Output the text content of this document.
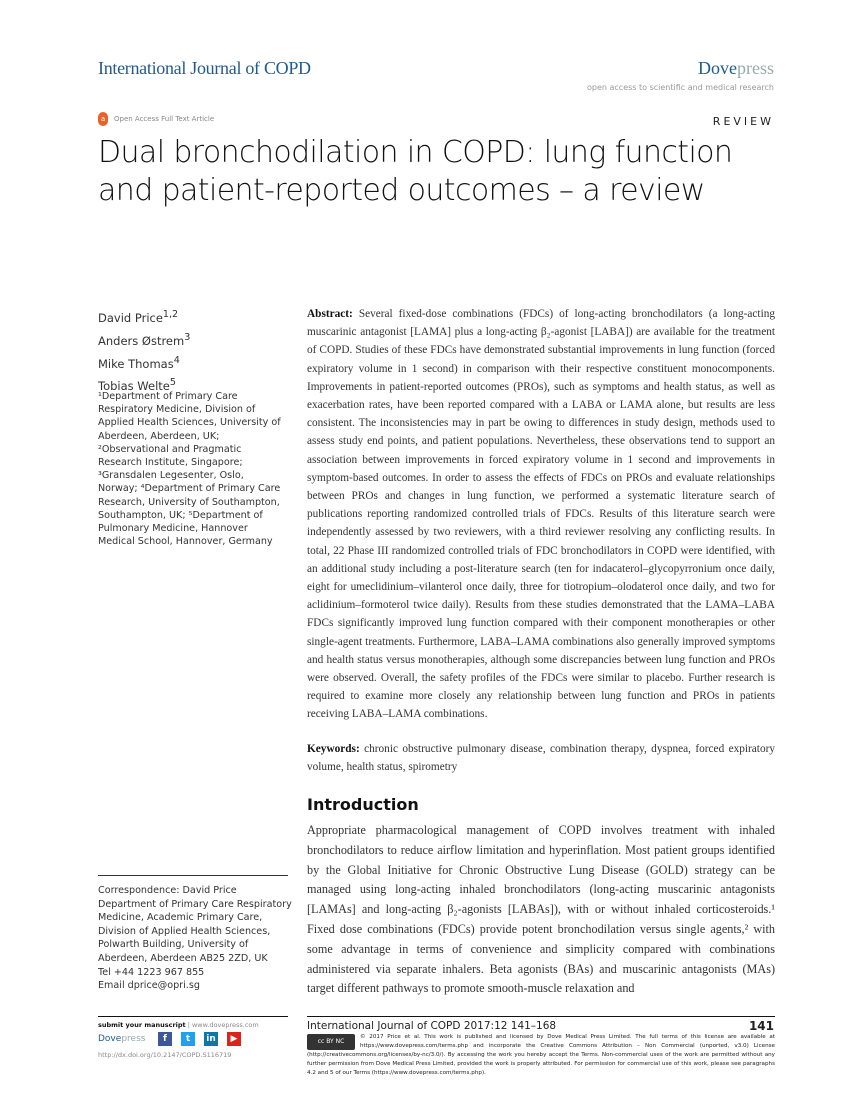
International Journal of COPD	Dovepress
open access to scientific and medical research
a	Open Access Full Text Article	REVIEW
Dual bronchodilation in COPD: lung function and patient-reported outcomes – a review
David Price$^{1,2}$
Anders Østrem$^3$
Mike Thomas$^4$
Tobias Welte$^5$
¹Department of Primary Care Respiratory Medicine, Division of Applied Health Sciences, University of Aberdeen, Aberdeen, UK; ²Observational and Pragmatic Research Institute, Singapore; ³Gransdalen Legesenter, Oslo, Norway; ⁴Department of Primary Care Research, University of Southampton, Southampton, UK; ⁵Department of Pulmonary Medicine, Hannover Medical School, Hannover, Germany
Abstract: Several fixed-dose combinations (FDCs) of long-acting bronchodilators (a long-acting muscarinic antagonist [LAMA] plus a long-acting β₂-agonist [LABA]) are available for the treatment of COPD. Studies of these FDCs have demonstrated substantial improvements in lung function (forced expiratory volume in 1 second) in comparison with their respective constituent monocomponents. Improvements in patient-reported outcomes (PROs), such as symptoms and health status, as well as exacerbation rates, have been reported compared with a LABA or LAMA alone, but results are less consistent. The inconsistencies may in part be owing to differences in study design, methods used to assess study end points, and patient populations. Nevertheless, these observations tend to support an association between improvements in forced expiratory volume in 1 second and improvements in symptom-based outcomes. In order to assess the effects of FDCs on PROs and evaluate relationships between PROs and changes in lung function, we performed a systematic literature search of publications reporting randomized controlled trials of FDCs. Results of this literature search were independently assessed by two reviewers, with a third reviewer resolving any conflicting results. In total, 22 Phase III randomized controlled trials of FDC bronchodilators in COPD were identified, with an additional study including a post-literature search (ten for indacaterol–glycopyrronium once daily, eight for umeclidinium–vilanterol once daily, three for tiotropium–olodaterol once daily, and two for aclidinium–formoterol twice daily). Results from these studies demonstrated that the LAMA–LABA FDCs significantly improved lung function compared with their component monotherapies or other single-agent treatments. Furthermore, LABA–LAMA combinations also generally improved symptoms and health status versus monotherapies, although some discrepancies between lung function and PROs were observed. Overall, the safety profiles of the FDCs were similar to placebo. Further research is required to examine more closely any relationship between lung function and PROs in patients receiving LABA–LAMA combinations.
Keywords: chronic obstructive pulmonary disease, combination therapy, dyspnea, forced expiratory volume, health status, spirometry
Introduction
Appropriate pharmacological management of COPD involves treatment with inhaled bronchodilators to reduce airflow limitation and hyperinflation. Most patient groups identified by the Global Initiative for Chronic Obstructive Lung Disease (GOLD) strategy can be managed using long-acting inhaled bronchodilators (long-acting muscarinic antagonists [LAMAs] and long-acting β₂-agonists [LABAs]), with or without inhaled corticosteroids.¹ Fixed dose combinations (FDCs) provide potent bronchodilation versus single agents,² with some advantage in terms of convenience and simplicity compared with combinations administered via separate inhalers. Beta agonists (BAs) and muscarinic antagonists (MAs) target different pathways to promote smooth-muscle relaxation and
Correspondence: David Price
Department of Primary Care Respiratory
Medicine, Academic Primary Care,
Division of Applied Health Sciences,
Polwarth Building, University of
Aberdeen, Aberdeen AB25 2ZD, UK
Tel +44 1223 967 855
Email dprice@opri.sg
submit your manuscript | www.dovepress.com
Dovepress	f	t	in	▶
http://dx.doi.org/10.2147/COPD.S116719
International Journal of COPD 2017:12 141–168	141
cc BY NC
© 2017 Price et al. This work is published and licensed by Dove Medical Press Limited. The full terms of this license are available at https://www.dovepress.com/terms.php and incorporate the Creative Commons Attribution – Non Commercial (unported, v3.0) License (http://creativecommons.org/licenses/by-nc/3.0/). By accessing the work you hereby accept the Terms. Non-commercial uses of the work are permitted without any further permission from Dove Medical Press Limited, provided the work is properly attributed. For permission for commercial use of this work, please see paragraphs 4.2 and 5 of our Terms (https://www.dovepress.com/terms.php).
